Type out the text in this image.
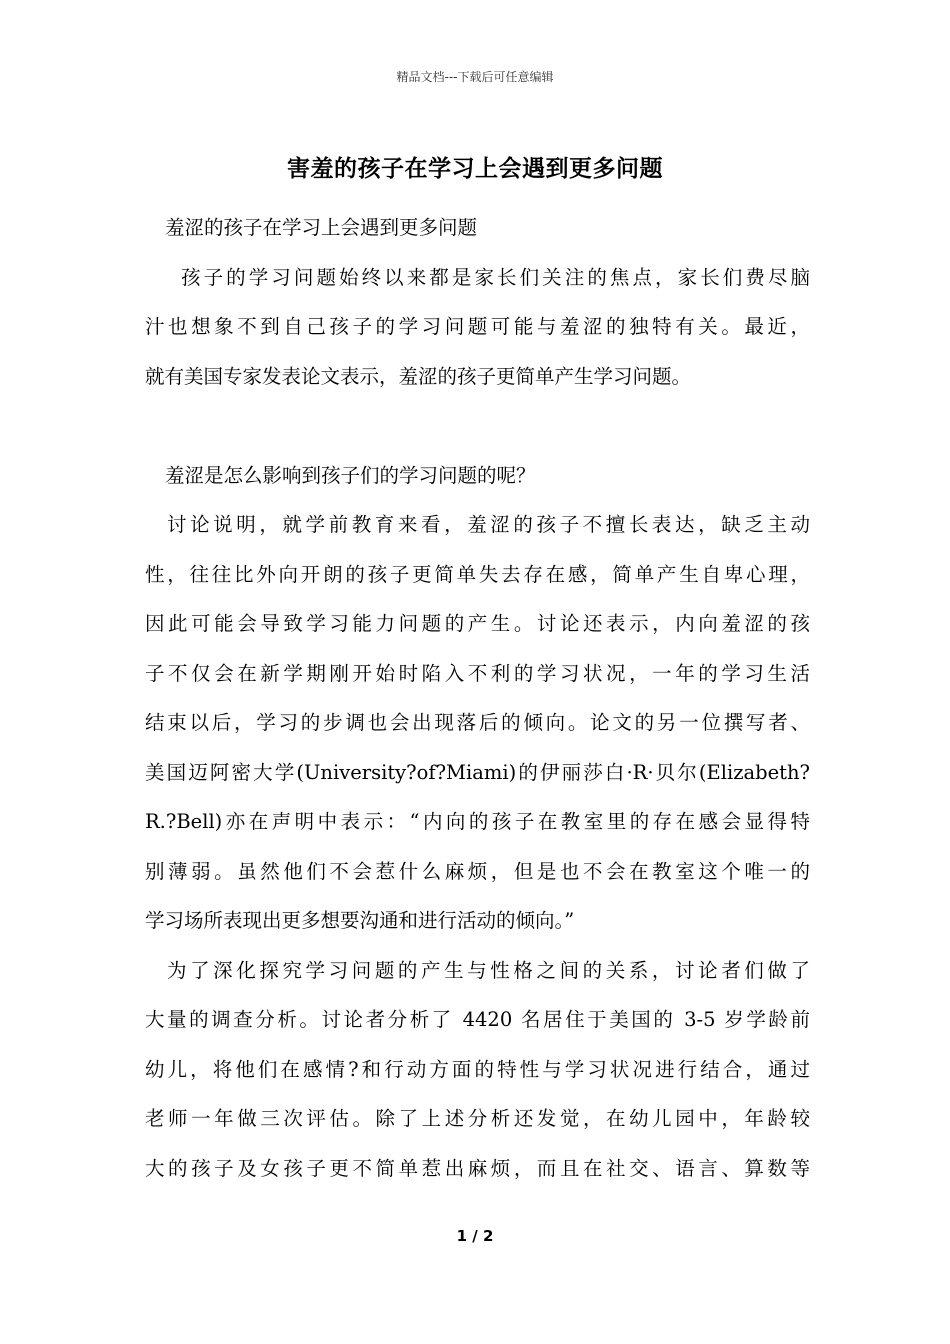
精品文档---下载后可任意编辑
害羞的孩子在学习上会遇到更多问题
羞涩的孩子在学习上会遇到更多问题
孩子的学习问题始终以来都是家长们关注的焦点，家长们费尽脑
汁也想象不到自己孩子的学习问题可能与羞涩的独特有关。最近，
就有美国专家发表论文表示，羞涩的孩子更简单产生学习问题。
羞涩是怎么影响到孩子们的学习问题的呢？
讨论说明，就学前教育来看，羞涩的孩子不擅长表达，缺乏主动
性，往往比外向开朗的孩子更简单失去存在感，简单产生自卑心理，
因此可能会导致学习能力问题的产生。讨论还表示，内向羞涩的孩
子不仅会在新学期刚开始时陷入不利的学习状况，一年的学习生活
结束以后，学习的步调也会出现落后的倾向。论文的另一位撰写者、
美国迈阿密大学(University?of?Miami)的伊丽莎白·R·贝尔(Elizabeth?
R.?Bell)亦在声明中表示：“内向的孩子在教室里的存在感会显得特
别薄弱。虽然他们不会惹什么麻烦，但是也不会在教室这个唯一的
学习场所表现出更多想要沟通和进行活动的倾向。”
为了深化探究学习问题的产生与性格之间的关系，讨论者们做了
大量的调查分析。讨论者分析了 4420 名居住于美国的 3-5 岁学龄前
幼儿，将他们在感情?和行动方面的特性与学习状况进行结合，通过
老师一年做三次评估。除了上述分析还发觉，在幼儿园中，年龄较
大的孩子及女孩子更不简单惹出麻烦，而且在社交、语言、算数等
1 / 2
